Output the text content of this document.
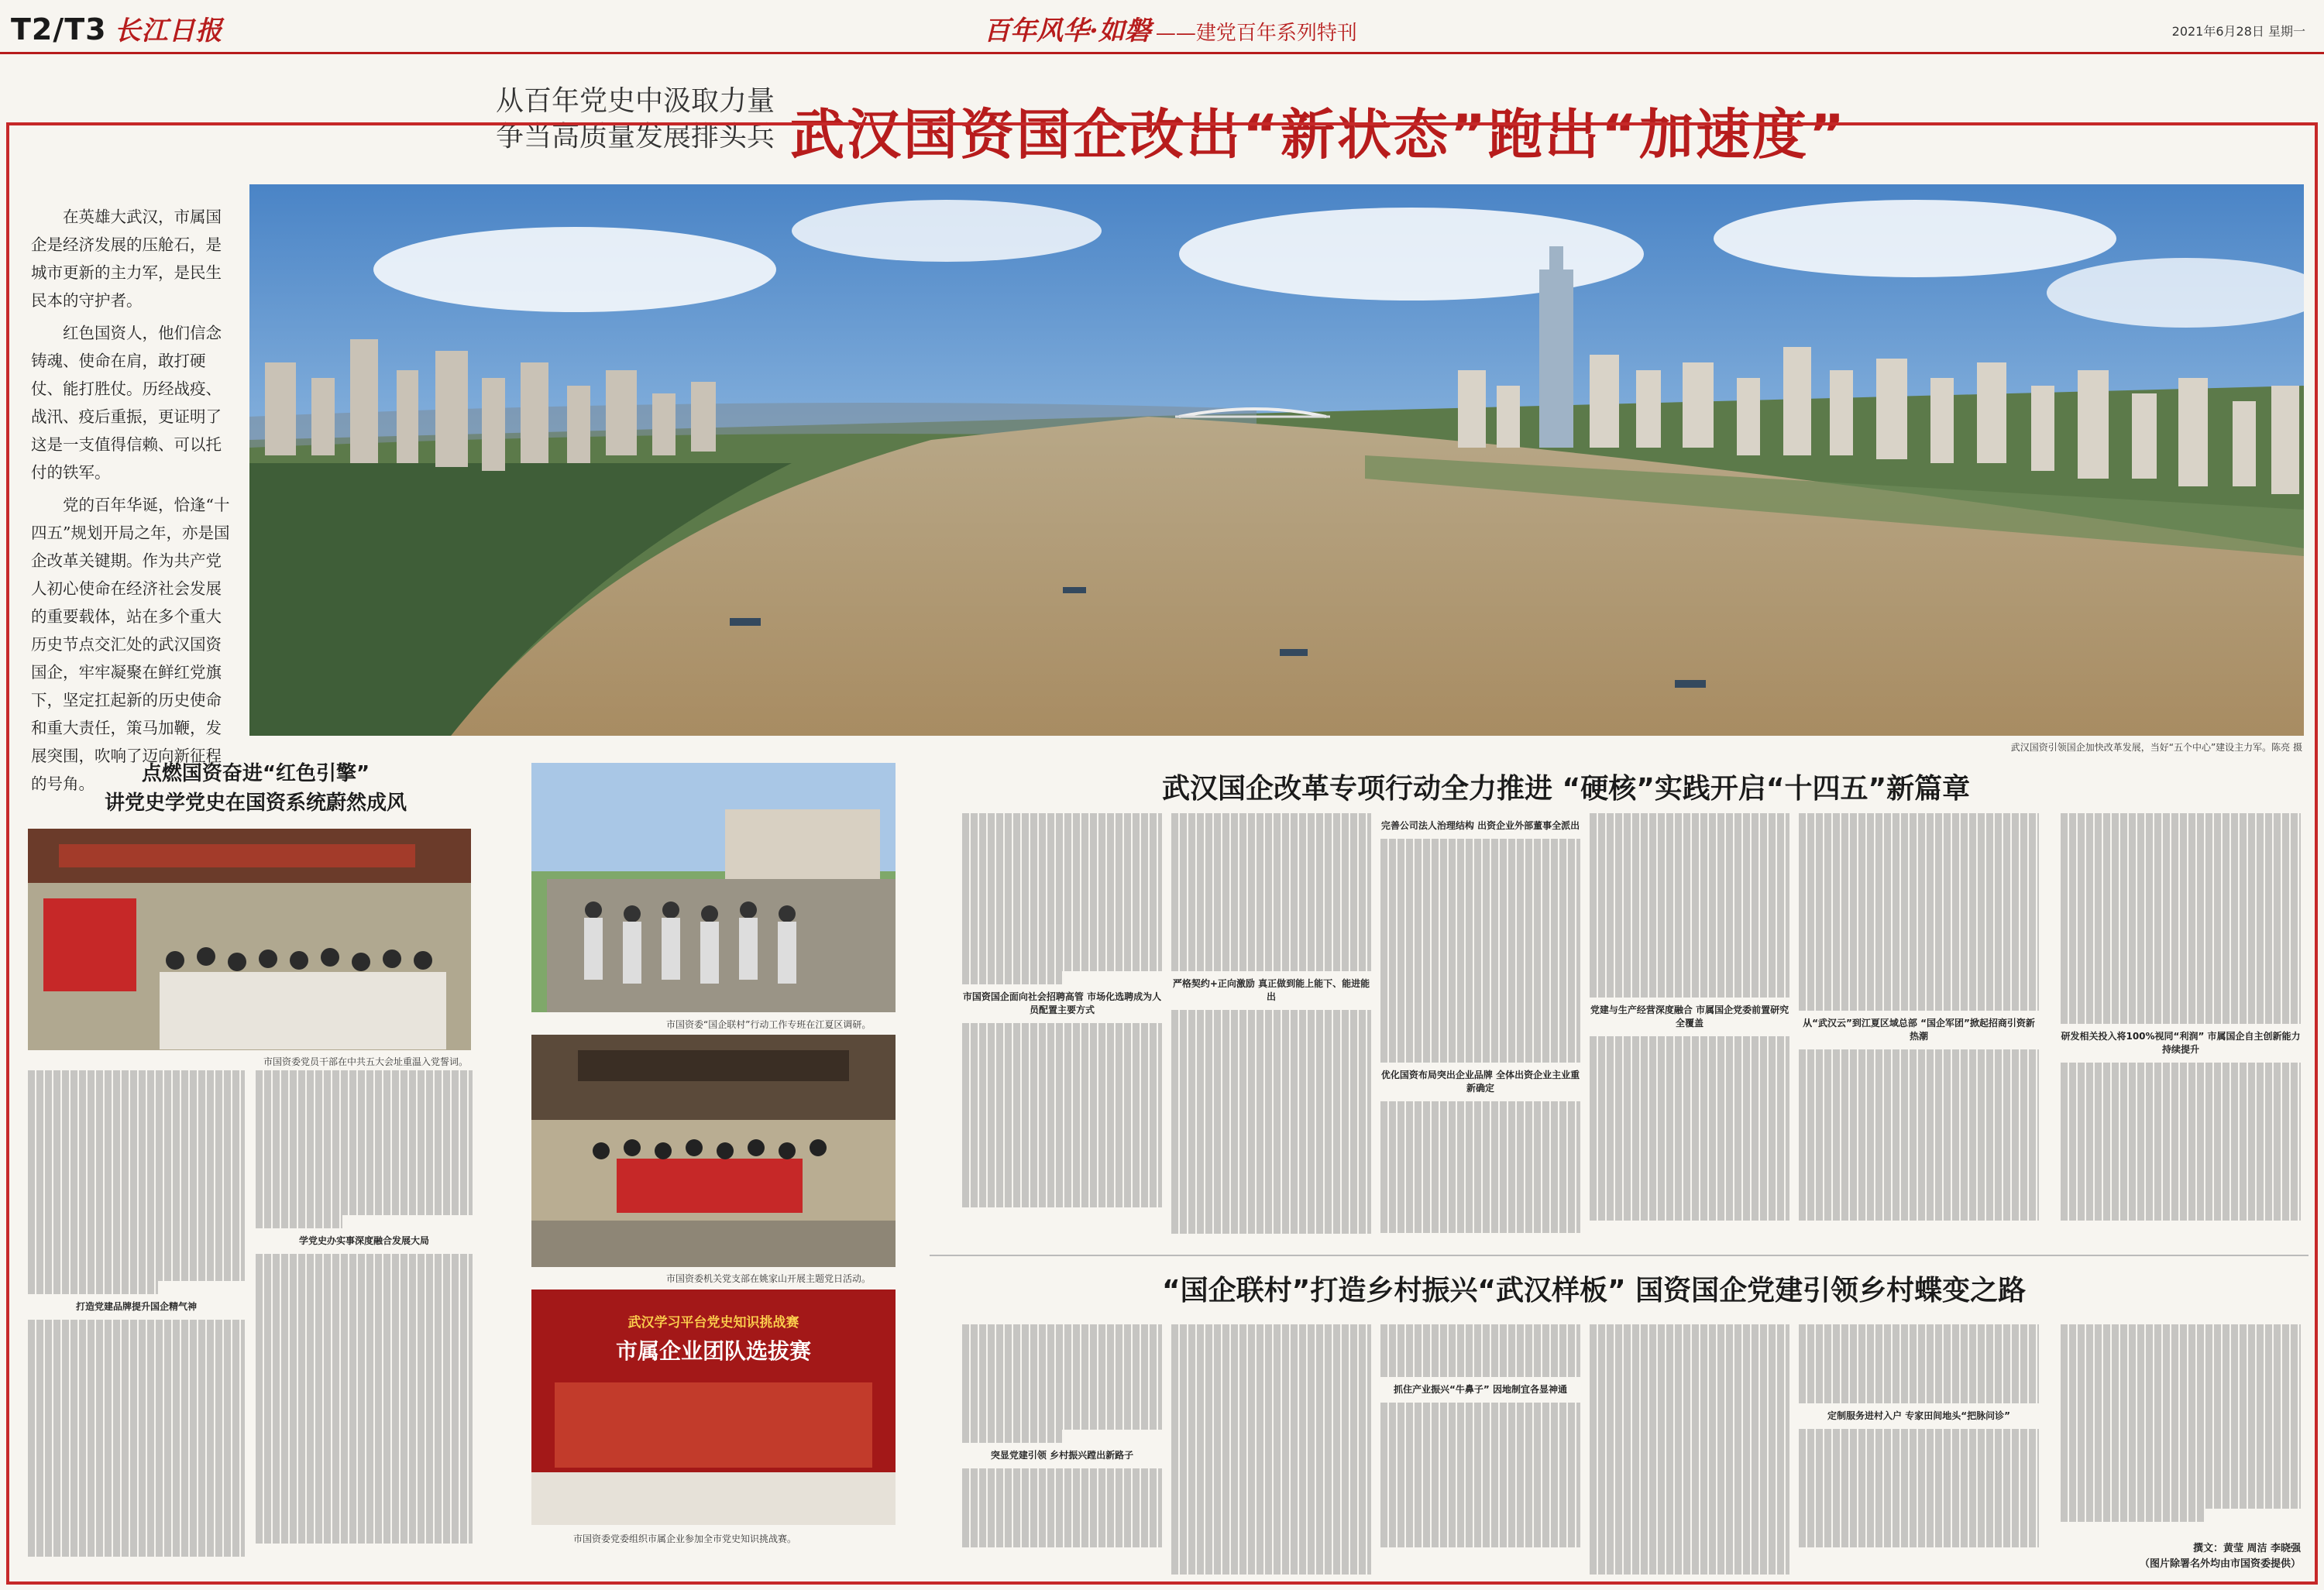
T2/T3 长江日报	百年风华·如磐 ——建党百年系列特刊	2021年6月28日 星期一
从百年党史中汲取力量
争当高质量发展排头兵 武汉国资国企改出“新状态”跑出“加速度”

在英雄大武汉，市属国企是经济发展的压舱石，是城市更新的主力军，是民生民本的守护者。

红色国资人，他们信念铸魂、使命在肩，敢打硬仗、能打胜仗。历经战疫、战汛、疫后重振，更证明了这是一支值得信赖、可以托付的铁军。

党的百年华诞，恰逢“十四五”规划开局之年，亦是国企改革关键期。作为共产党人初心使命在经济社会发展的重要载体，站在多个重大历史节点交汇处的武汉国资国企，牢牢凝聚在鲜红党旗下，坚定扛起新的历史使命和重大责任，策马加鞭，发展突围，吹响了迈向新征程的号角。

武汉国资引领国企加快改革发展，当好“五个中心”建设主力军。陈亮 摄
点燃国资奋进“红色引擎”
讲党史学党史在国资系统蔚然成风
市国资委党员干部在中共五大会址重温入党誓词。
打造党建品牌提升国企精气神
学党史办实事深度融合发展大局
市国资委“国企联村”行动工作专班在江夏区调研。
市国资委机关党支部在姚家山开展主题党日活动。
武汉学习平台党史知识挑战赛
市属企业团队选拔赛
市国资委党委组织市属企业参加全市党史知识挑战赛。
武汉国企改革专项行动全力推进 “硬核”实践开启“十四五”新篇章
市国资国企面向社会招聘高管 市场化选聘成为人员配置主要方式
严格契约+正向激励 真正做到能上能下、能进能出
完善公司法人治理结构 出资企业外部董事全派出
优化国资布局突出企业品牌 全体出资企业主业重新确定
党建与生产经营深度融合 市属国企党委前置研究全覆盖	从“武汉云”到江夏区域总部 “国企军团”掀起招商引资新热潮	研发相关投入将100%视同“利润” 市属国企自主创新能力持续提升
“国企联村”打造乡村振兴“武汉样板” 国资国企党建引领乡村蝶变之路
突显党建引领 乡村振兴蹚出新路子
抓住产业振兴“牛鼻子” 因地制宜各显神通
定制服务进村入户 专家田间地头“把脉问诊”
撰文：黄莹 周洁 李晓强
（图片除署名外均由市国资委提供）
